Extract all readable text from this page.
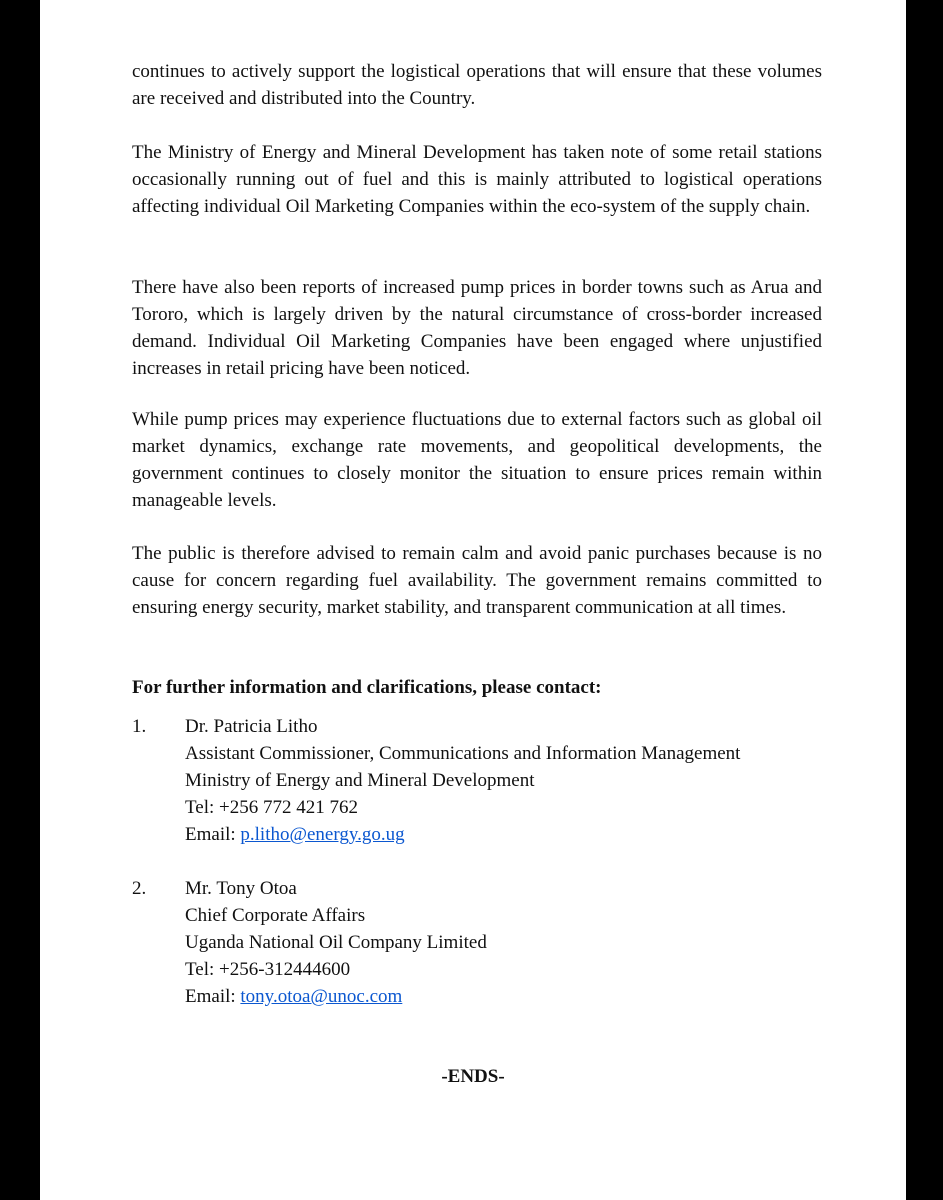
continues to actively support the logistical operations that will ensure that these volumes are received and distributed into the Country.

The Ministry of Energy and Mineral Development has taken note of some retail stations occasionally running out of fuel and this is mainly attributed to logistical operations affecting individual Oil Marketing Companies within the eco-system of the supply chain.

There have also been reports of increased pump prices in border towns such as Arua and Tororo, which is largely driven by the natural circumstance of cross-border increased demand. Individual Oil Marketing Companies have been engaged where unjustified increases in retail pricing have been noticed.

While pump prices may experience fluctuations due to external factors such as global oil market dynamics, exchange rate movements, and geopolitical developments, the government continues to closely monitor the situation to ensure prices remain within manageable levels.

The public is therefore advised to remain calm and avoid panic purchases because is no cause for concern regarding fuel availability. The government remains committed to ensuring energy security, market stability, and transparent communication at all times.

For further information and clarifications, please contact:

1. Dr. Patricia Litho
Assistant Commissioner, Communications and Information Management
Ministry of Energy and Mineral Development
Tel: +256 772 421 762
Email: p.litho@energy.go.ug
2. Mr. Tony Otoa
Chief Corporate Affairs
Uganda National Oil Company Limited
Tel: +256-312444600
Email: tony.otoa@unoc.com
-ENDS-
